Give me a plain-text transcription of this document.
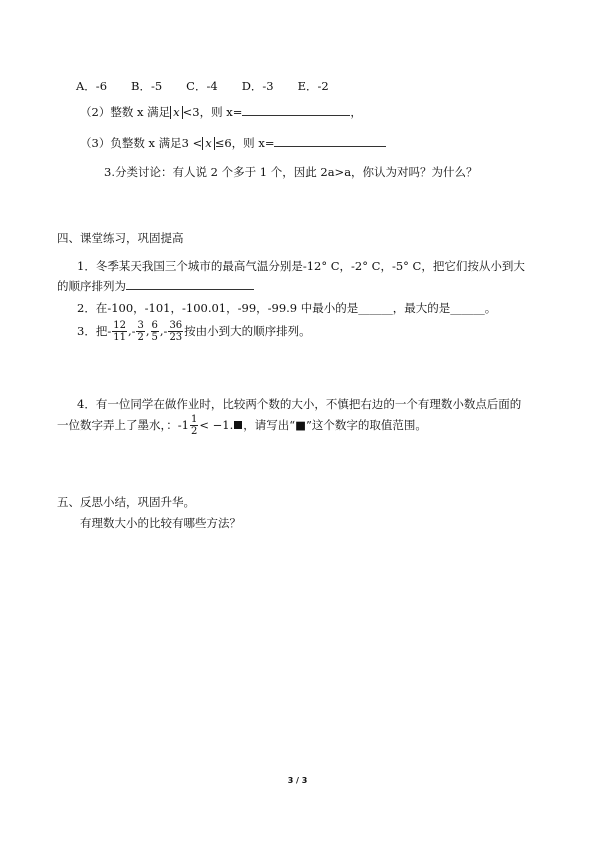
A．-6 B．-5 C．-4 D．-3 E．-2
（2）整数 x 满足 x <3，则 x=	，
（3）负整数 x 满足3 < x ≤6，则 x=
3.分类讨论：有人说 2 个多于 1 个，因此 2a>a，你认为对吗？为什么？
四、课堂练习，巩固提高
1．冬季某天我国三个城市的最高气温分别是-12° C，-2° C，-5° C，把它们按从小到大
的顺序排列为
2．在-100，-101，-100.01，-99，-99.9 中最小的是______，最大的是______。
3．把- $\frac{12}{11}$ ,- $\frac{3}{2}$ , $\frac{6}{5}$ ,- $\frac{36}{23}$ 按由小到大的顺序排列。
4．有一位同学在做作业时，比较两个数的大小，不慎把右边的一个有理数小数点后面的
一位数字弄上了墨水，：$-1 \frac{1}{2} < -1$. ，请写出“■”这个数字的取值范围。
五、反思小结，巩固升华。
有理数大小的比较有哪些方法？
3 / 3
